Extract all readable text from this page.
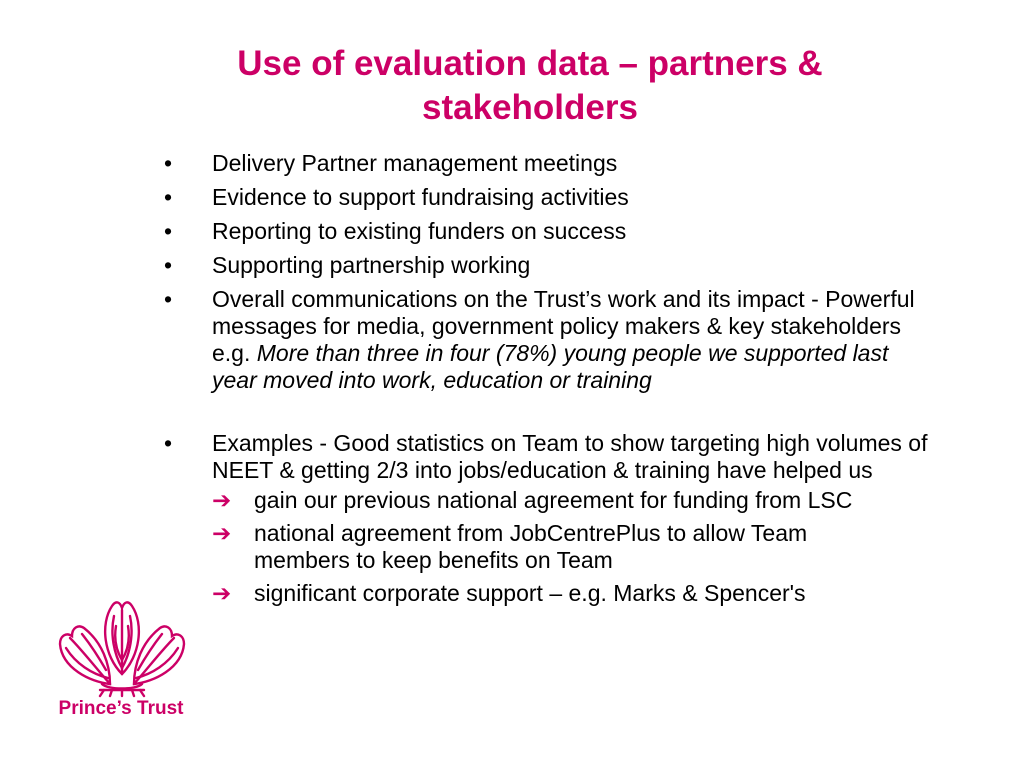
Use of evaluation data – partners & stakeholders
• Delivery Partner management meetings
• Evidence to support fundraising activities
• Reporting to existing funders on success
• Supporting partnership working
• Overall communications on the Trust’s work and its impact - Powerful messages for media, government policy makers & key stakeholders e.g. More than three in four (78%) young people we supported last year moved into work, education or training
• Examples - Good statistics on Team to show targeting high volumes of NEET & getting 2/3 into jobs/education & training have helped us
➔ gain our previous national agreement for funding from LSC
➔ national agreement from JobCentrePlus to allow Team members to keep benefits on Team
➔ significant corporate support – e.g. Marks & Spencer's
Prince’s Trust
